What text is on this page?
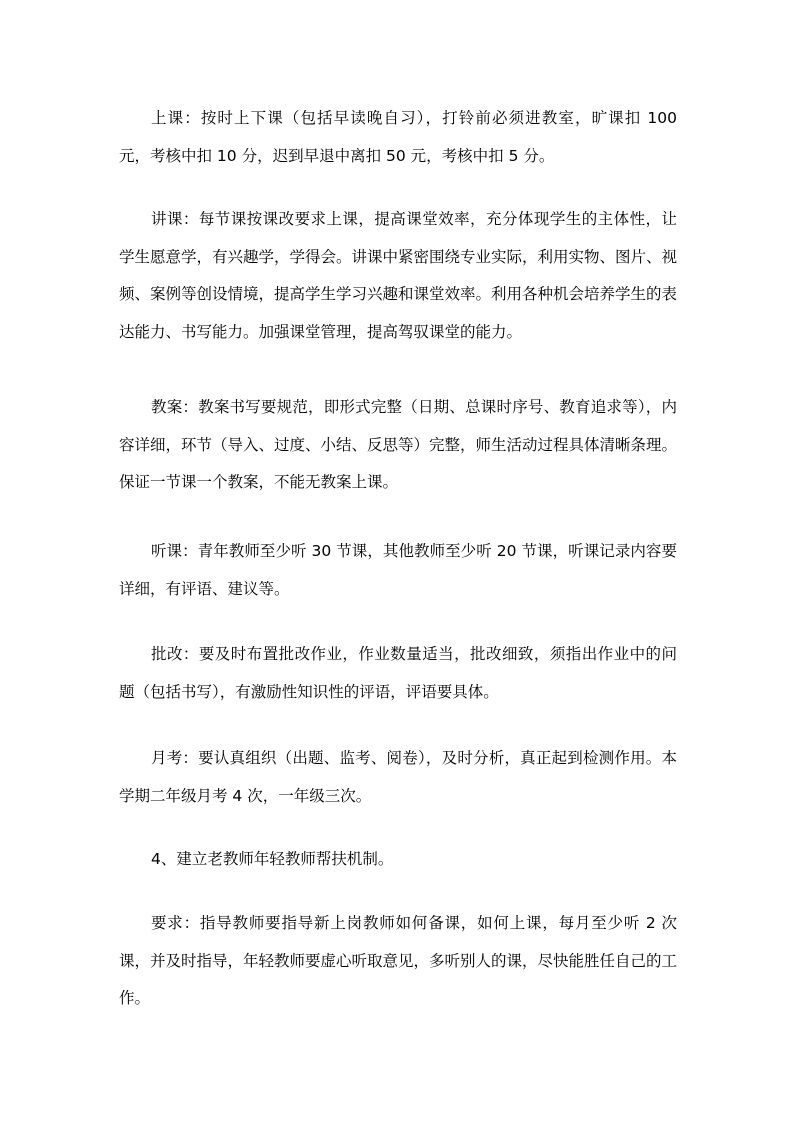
上课：按时上下课（包括早读晚自习），打铃前必须进教室，旷课扣 100 元，考核中扣 10 分，迟到早退中离扣 50 元，考核中扣 5 分。

讲课：每节课按课改要求上课，提高课堂效率，充分体现学生的主体性，让学生愿意学，有兴趣学，学得会。讲课中紧密围绕专业实际，利用实物、图片、视频、案例等创设情境，提高学生学习兴趣和课堂效率。利用各种机会培养学生的表达能力、书写能力。加强课堂管理，提高驾驭课堂的能力。

教案：教案书写要规范，即形式完整（日期、总课时序号、教育追求等），内容详细，环节（导入、过度、小结、反思等）完整，师生活动过程具体清晰条理。保证一节课一个教案，不能无教案上课。

听课：青年教师至少听 30 节课，其他教师至少听 20 节课，听课记录内容要详细，有评语、建议等。

批改：要及时布置批改作业，作业数量适当，批改细致，须指出作业中的问题（包括书写），有激励性知识性的评语，评语要具体。

月考：要认真组织（出题、监考、阅卷），及时分析，真正起到检测作用。本学期二年级月考 4 次，一年级三次。

4、建立老教师年轻教师帮扶机制。

要求：指导教师要指导新上岗教师如何备课，如何上课，每月至少听 2 次课，并及时指导，年轻教师要虚心听取意见，多听别人的课，尽快能胜任自己的工作。
